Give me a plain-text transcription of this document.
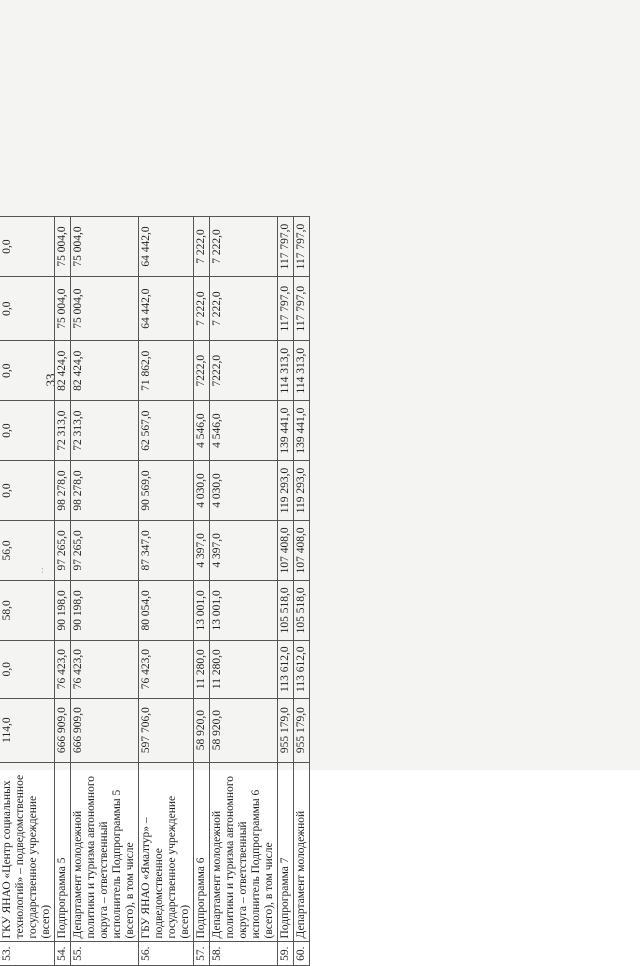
33
··

53.	ГКУ ЯНАО «Центр социальных технологий» – подведомственное государственное учреждение (всего)	114,0	0,0	58,0	56,0	0,0	0,0	0,0	0,0	0,0
54.	Подпрограмма 5	666 909,0	76 423,0	90 198,0	97 265,0	98 278,0	72 313,0	82 424,0	75 004,0	75 004,0
55.	Департамент молодежной политики и туризма автономного округа – ответственный исполнитель Подпрограммы 5 (всего), в том числе	666 909,0	76 423,0	90 198,0	97 265,0	98 278,0	72 313,0	82 424,0	75 004,0	75 004,0
56.	ГБУ ЯНАО «Ямалтур» – подведомственное государственное учреждение (всего)	597 706,0	76 423,0	80 054,0	87 347,0	90 569,0	62 567,0	71 862,0	64 442,0	64 442,0
57.	Подпрограмма 6	58 920,0	11 280,0	13 001,0	4 397,0	4 030,0	4 546,0	7222,0	7 222,0	7 222,0
58.	Департамент молодежной политики и туризма автономного округа – ответственный исполнитель Подпрограммы 6 (всего), в том числе	58 920,0	11 280,0	13 001,0	4 397,0	4 030,0	4 546,0	7222,0	7 222,0	7 222,0
59.	Подпрограмма 7	955 179,0	113 612,0	105 518,0	107 408,0	119 293,0	139 441,0	114 313,0	117 797,0	117 797,0
60.	Департамент молодежной	955 179,0	113 612,0	105 518,0	107 408,0	119 293,0	139 441,0	114 313,0	117 797,0	117 797,0
